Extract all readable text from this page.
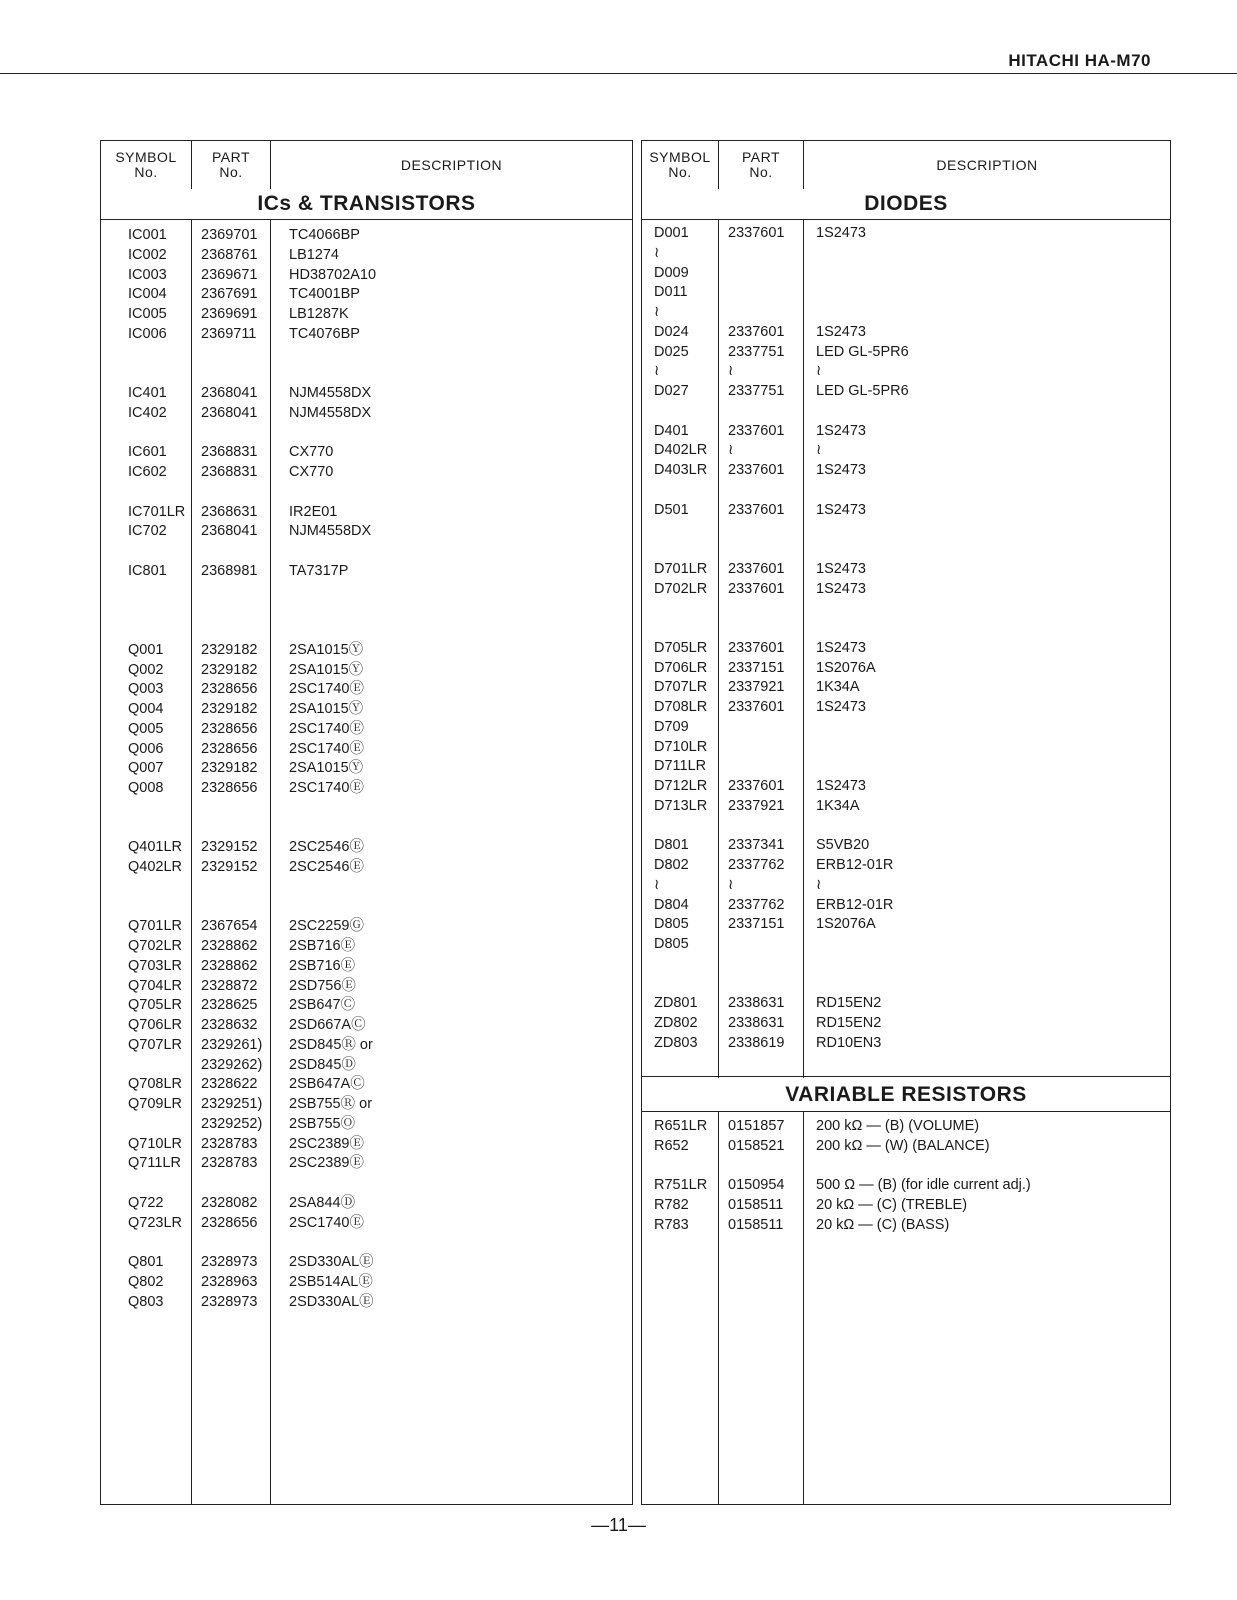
HITACHI HA-M70
SYMBOL
No.
PART
No.	DESCRIPTION
ICs & TRANSISTORS
IC001 2369701 TC4066BP
IC002 2368761 LB1274
IC003 2369671 HD38702A10
IC004 2367691 TC4001BP
IC005 2369691 LB1287K
IC006 2369711 TC4076BP
IC401 2368041 NJM4558DX
IC402 2368041 NJM4558DX
IC601 2368831 CX770
IC602 2368831 CX770
IC701LR 2368631 IR2E01
IC702 2368041 NJM4558DX
IC801 2368981 TA7317P
Q001	2329182 2SA1015Ⓨ
Q002	2329182 2SA1015Ⓨ
Q003	2328656 2SC1740Ⓔ
Q004	2329182 2SA1015Ⓨ
Q005	2328656 2SC1740Ⓔ
Q006	2328656 2SC1740Ⓔ
Q007	2329182 2SA1015Ⓨ
Q008	2328656 2SC1740Ⓔ
Q401LR 2329152 2SC2546Ⓔ
Q402LR 2329152 2SC2546Ⓔ
Q701LR 2367654 2SC2259Ⓖ
Q702LR 2328862 2SB716Ⓔ
Q703LR 2328862 2SB716Ⓔ
Q704LR 2328872 2SD756Ⓔ
Q705LR 2328625 2SB647Ⓒ
Q706LR 2328632 2SD667AⒸ
Q707LR 2329261) 2SD845Ⓡ or
2329262) 2SD845Ⓓ
Q708LR 2328622 2SB647AⒸ
Q709LR 2329251) 2SB755Ⓡ or
2329252) 2SB755Ⓞ
Q710LR 2328783 2SC2389Ⓔ
Q711LR 2328783 2SC2389Ⓔ
Q722	2328082 2SA844Ⓓ
Q723LR 2328656 2SC1740Ⓔ
Q801	2328973 2SD330ALⒺ
Q802	2328963 2SB514ALⒺ
Q803	2328973 2SD330ALⒺ
SYMBOL
No.
PART
No.	DESCRIPTION
DIODES
D001	2337601 1S2473
≀
D009
D011
≀
D024	2337601 1S2473
D025	2337751 LED GL-5PR6
≀	≀	≀
D027	2337751 LED GL-5PR6
D401	2337601 1S2473
D402LR ≀	≀
D403LR 2337601 1S2473
D501	2337601 1S2473
D701LR 2337601 1S2473
D702LR 2337601 1S2473
D705LR 2337601 1S2473
D706LR 2337151 1S2076A
D707LR 2337921 1K34A
D708LR 2337601 1S2473
D709
D710LR
D711LR
D712LR 2337601 1S2473
D713LR 2337921 1K34A
D801	2337341 S5VB20
D802	2337762 ERB12-01R
≀	≀	≀
D804	2337762 ERB12-01R
D805	2337151 1S2076A
D805
ZD801 2338631 RD15EN2
ZD802 2338631 RD15EN2
ZD803 2338619 RD10EN3
VARIABLE RESISTORS
R651LR 0151857 200 kΩ — (B) (VOLUME)
R652	0158521 200 kΩ — (W) (BALANCE)
R751LR 0150954 500 Ω — (B) (for idle current adj.)
R782	0158511 20 kΩ — (C) (TREBLE)
R783	0158511 20 kΩ — (C) (BASS)
—11—
